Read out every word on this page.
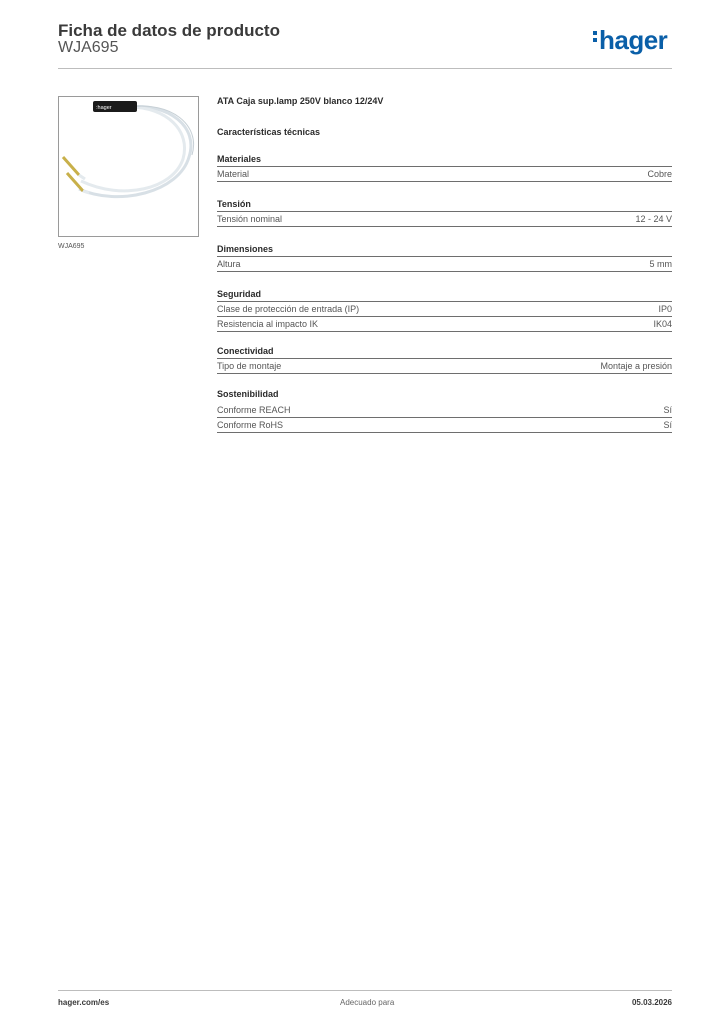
Ficha de datos de producto
WJA695	hager
:hager
WJA695
ATA Caja sup.lamp 250V blanco 12/24V
Características técnicas
Materiales
Material	Cobre
Tensión
Tensión nominal	12 - 24 V
Dimensiones
Altura	5 mm
Seguridad
Clase de protección de entrada (IP)	IP0
Resistencia al impacto IK	IK04
Conectividad
Tipo de montaje	Montaje a presión
Sostenibilidad
Conforme REACH	Sí
Conforme RoHS	Sí
hager.com/es	Adecuado para	05.03.2026
